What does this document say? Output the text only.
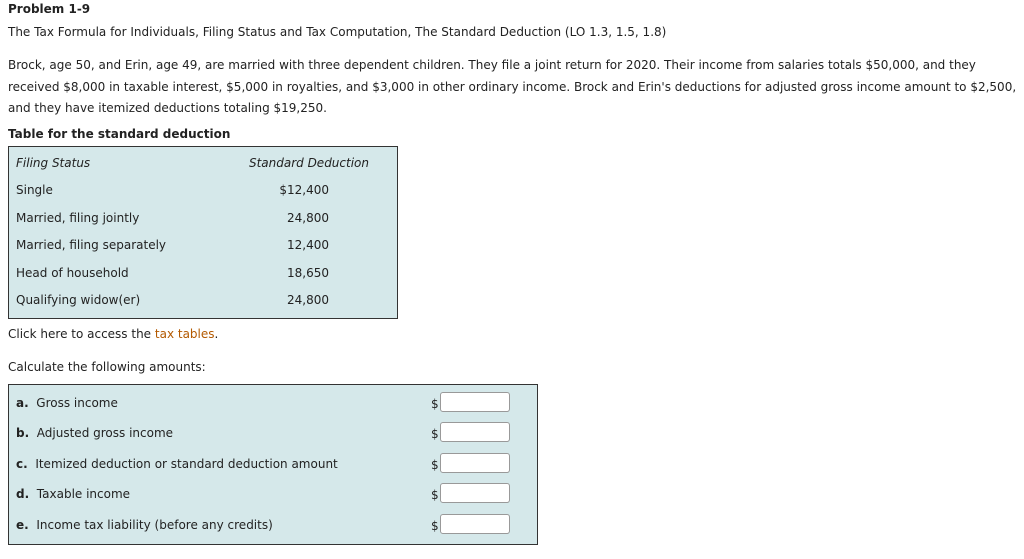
Problem 1-9
The Tax Formula for Individuals, Filing Status and Tax Computation, The Standard Deduction (LO 1.3, 1.5, 1.8)
Brock, age 50, and Erin, age 49, are married with three dependent children. They file a joint return for 2020. Their income from salaries totals $50,000, and they received $8,000 in taxable interest, $5,000 in royalties, and $3,000 in other ordinary income. Brock and Erin's deductions for adjusted gross income amount to $2,500, and they have itemized deductions totaling $19,250.
Table for the standard deduction
Filing Status	Standard Deduction
Single	$12,400
Married, filing jointly	24,800
Married, filing separately	12,400
Head of household	18,650
Qualifying widow(er)	24,800
Click here to access the tax tables.
Calculate the following amounts:
a. Gross income	$
b. Adjusted gross income	$
c. Itemized deduction or standard deduction amount	$
d. Taxable income	$
e. Income tax liability (before any credits)	$
